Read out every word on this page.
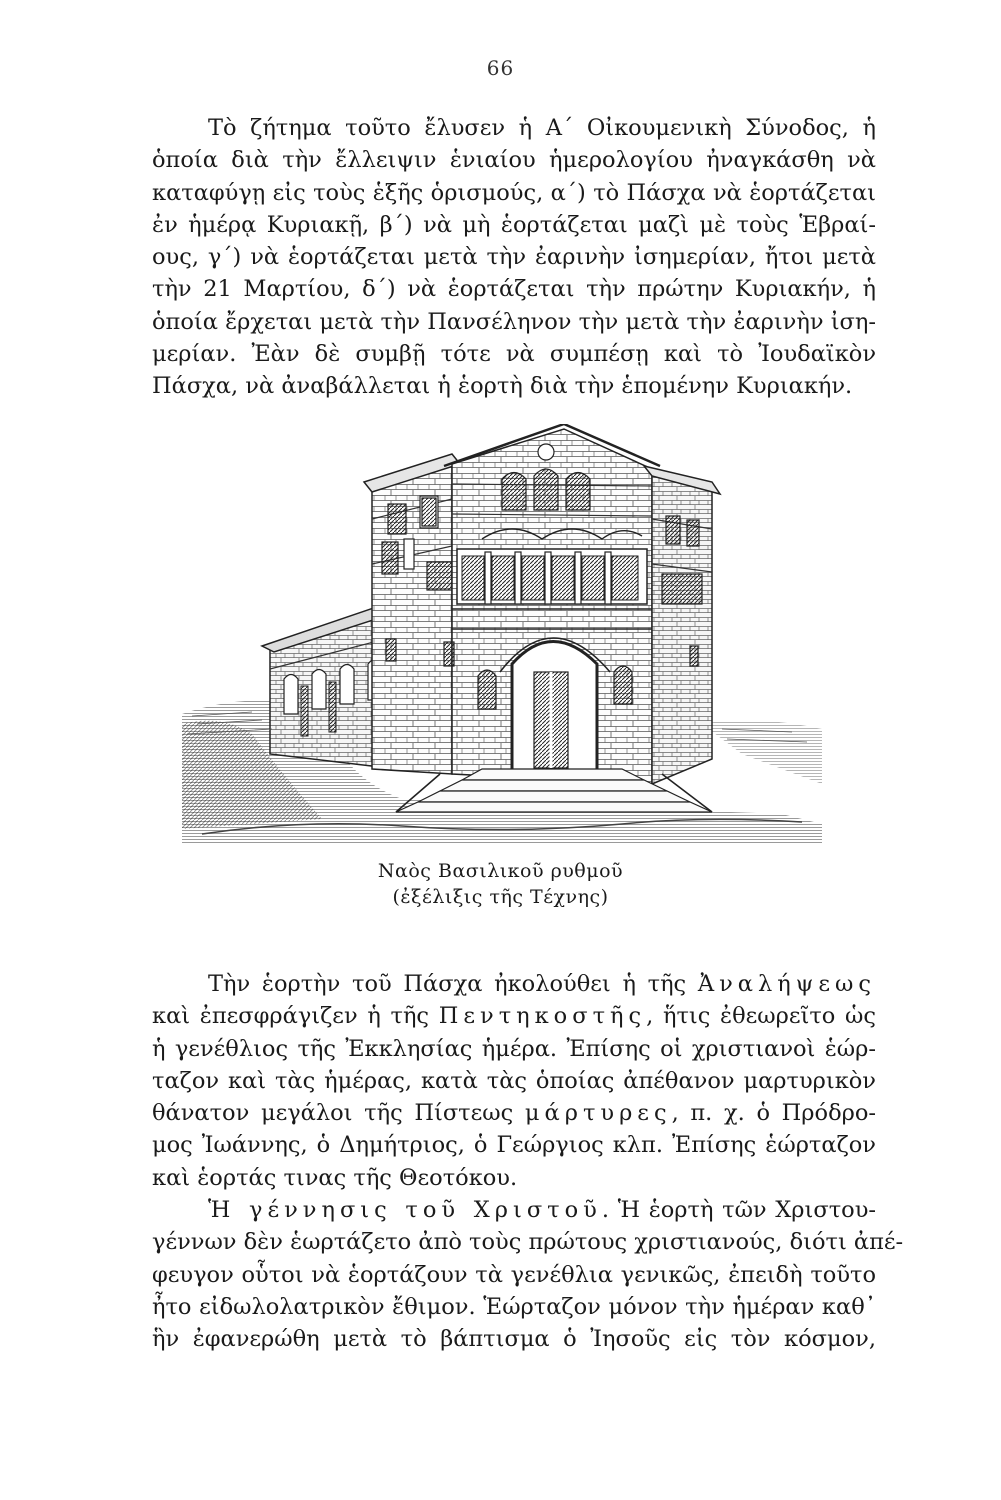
66
Τὸ ζήτημα τοῦτο ἔλυσεν ἡ Α΄ Οἰκουμενικὴ Σύνοδος, ἡ
ὁποία διὰ τὴν ἔλλειψιν ἑνιαίου ἡμερολογίου ἠναγκάσθη νὰ
καταφύγῃ εἰς τοὺς ἑξῆς ὁρισμούς, α΄) τὸ Πάσχα νὰ ἑορτάζεται
ἐν ἡμέρᾳ Κυριακῇ, β΄) νὰ μὴ ἑορτάζεται μαζὶ μὲ τοὺς Ἑβραί-
ους, γ΄) νὰ ἑορτάζεται μετὰ τὴν ἐαρινὴν ἰσημερίαν, ἤτοι μετὰ
τὴν 21 Μαρτίου, δ΄) νὰ ἑορτάζεται τὴν πρώτην Κυριακήν, ἡ
ὁποία ἔρχεται μετὰ τὴν Πανσέληνον τὴν μετὰ τὴν ἐαρινὴν ἰση-
μερίαν. Ἐὰν δὲ συμβῇ τότε νὰ συμπέσῃ καὶ τὸ Ἰουδαϊκὸν
Πάσχα, νὰ ἀναβάλλεται ἡ ἑορτὴ διὰ τὴν ἑπομένην Κυριακήν.
Ναὸς Βασιλικοῦ ρυθμοῦ
(ἐξέλιξις τῆς Τέχνης)
Τὴν ἑορτὴν τοῦ Πάσχα ἠκολούθει ἡ τῆς Ἀναλήψεως
καὶ ἐπεσφράγιζεν ἡ τῆς Πεντηκοστῆς, ἥτις ἐθεωρεῖτο ὡς
ἡ γενέθλιος τῆς Ἐκκλησίας ἡμέρα. Ἐπίσης οἱ χριστιανοὶ ἑώρ-
ταζον καὶ τὰς ἡμέρας, κατὰ τὰς ὁποίας ἀπέθανον μαρτυρικὸν
θάνατον μεγάλοι τῆς Πίστεως μάρτυρες, π. χ. ὁ Πρόδρο-
μος Ἰωάννης, ὁ Δημήτριος, ὁ Γεώργιος κλπ. Ἐπίσης ἑώρταζον
καὶ ἑορτάς τινας τῆς Θεοτόκου.
Ἡ γέννησις τοῦ Χριστοῦ. Ἡ ἑορτὴ τῶν Χριστου-
γέννων δὲν ἑωρτάζετο ἀπὸ τοὺς πρώτους χριστιανούς, διότι ἀπέ-
φευγον οὗτοι νὰ ἑορτάζουν τὰ γενέθλια γενικῶς, ἐπειδὴ τοῦτο
ἦτο εἰδωλολατρικὸν ἔθιμον. Ἑώρταζον μόνον τὴν ἡμέραν καθ᾽
ἣν ἐφανερώθη μετὰ τὸ βάπτισμα ὁ Ἰησοῦς εἰς τὸν κόσμον,
